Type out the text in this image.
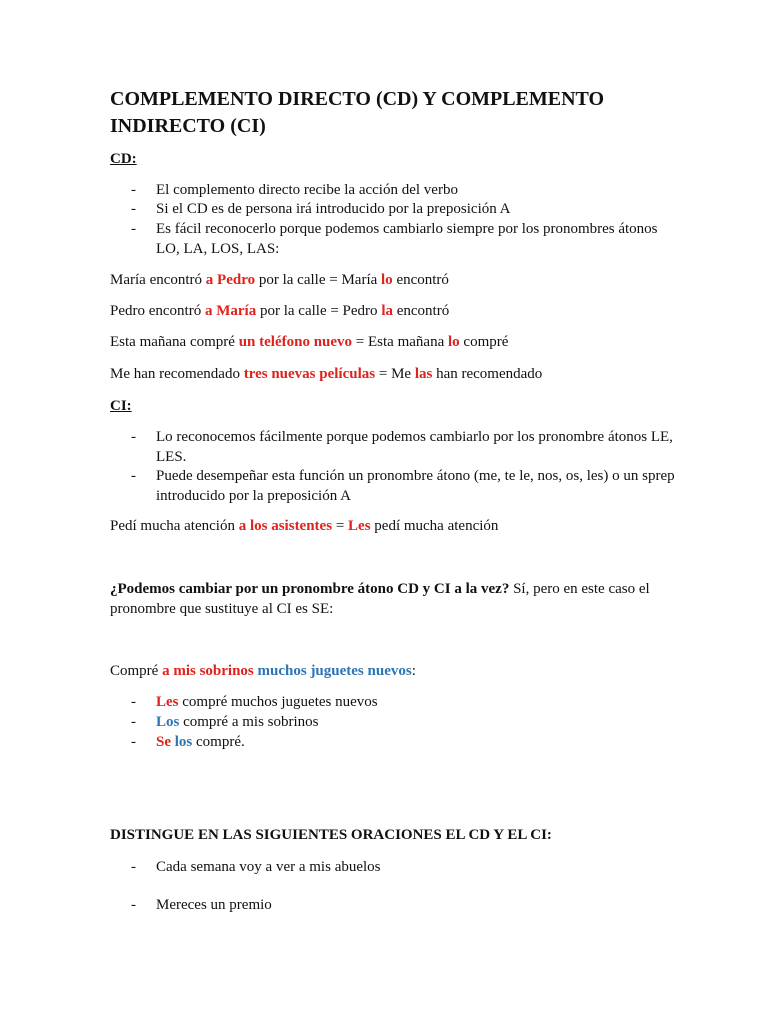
COMPLEMENTO DIRECTO (CD) Y COMPLEMENTO INDIRECTO (CI)
CD:
- El complemento directo recibe la acción del verbo
- Si el CD es de persona irá introducido por la preposición A
- Es fácil reconocerlo porque podemos cambiarlo siempre por los pronombres átonos LO, LA, LOS, LAS:
María encontró a Pedro por la calle = María lo encontró
Pedro encontró a María por la calle = Pedro la encontró
Esta mañana compré un teléfono nuevo = Esta mañana lo compré
Me han recomendado tres nuevas películas = Me las han recomendado
CI:
- Lo reconocemos fácilmente porque podemos cambiarlo por los pronombre átonos LE, LES.
- Puede desempeñar esta función un pronombre átono (me, te le, nos, os, les) o un sprep introducido por la preposición A
Pedí mucha atención a los asistentes = Les pedí mucha atención
¿Podemos cambiar por un pronombre átono CD y CI a la vez? Sí, pero en este caso el pronombre que sustituye al CI es SE:
Compré a mis sobrinos muchos juguetes nuevos:
- Les compré muchos juguetes nuevos
- Los compré a mis sobrinos
- Se los compré.
DISTINGUE EN LAS SIGUIENTES ORACIONES EL CD Y EL CI:
- Cada semana voy a ver a mis abuelos
- Mereces un premio
